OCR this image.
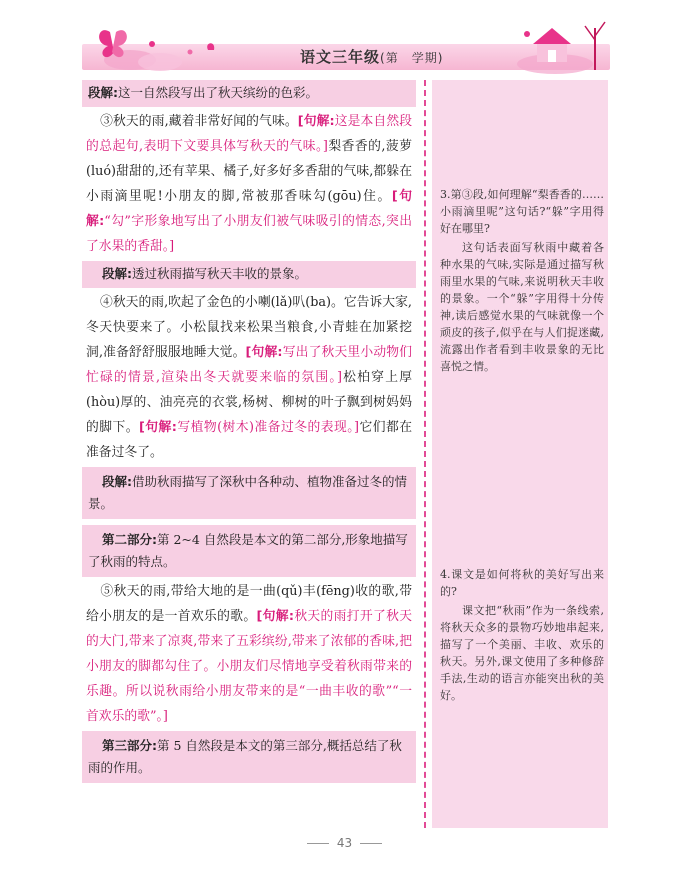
语文三年级(第　学期)
段解:这一自然段写出了秋天缤纷的色彩。
③秋天的雨,藏着非常好闻的气味。[句解:这是本自然段的总起句,表明下文要具体写秋天的气味。]梨香香的,菠萝(luó)甜甜的,还有苹果、橘子,好多好多香甜的气味,都躲在小雨滴里呢!小朋友的脚,常被那香味勾(gōu)住。[句解:“勾”字形象地写出了小朋友们被气味吸引的情态,突出了水果的香甜。]
段解:透过秋雨描写秋天丰收的景象。
④秋天的雨,吹起了金色的小喇(lǎ)叭(ba)。它告诉大家,冬天快要来了。小松鼠找来松果当粮食,小青蛙在加紧挖洞,准备舒舒服服地睡大觉。[句解:写出了秋天里小动物们忙碌的情景,渲染出冬天就要来临的氛围。]松柏穿上厚(hòu)厚的、油亮亮的衣裳,杨树、柳树的叶子飘到树妈妈的脚下。[句解:写植物(树木)准备过冬的表现。]它们都在准备过冬了。
段解:借助秋雨描写了深秋中各种动、植物准备过冬的情景。
第二部分:第 2~4 自然段是本文的第二部分,形象地描写了秋雨的特点。
⑤秋天的雨,带给大地的是一曲(qǔ)丰(fēng)收的歌,带给小朋友的是一首欢乐的歌。[句解:秋天的雨打开了秋天的大门,带来了凉爽,带来了五彩缤纷,带来了浓郁的香味,把小朋友的脚都勾住了。小朋友们尽情地享受着秋雨带来的乐趣。所以说秋雨给小朋友带来的是“一曲丰收的歌”“一首欢乐的歌”。]
第三部分:第 5 自然段是本文的第三部分,概括总结了秋雨的作用。
3.第③段,如何理解“梨香香的……小雨滴里呢”这句话?“躲”字用得好在哪里?
这句话表面写秋雨中藏着各种水果的气味,实际是通过描写秋雨里水果的气味,来说明秋天丰收的景象。一个“躲”字用得十分传神,读后感觉水果的气味就像一个顽皮的孩子,似乎在与人们捉迷藏,流露出作者看到丰收景象的无比喜悦之情。
4.课文是如何将秋的美好写出来的?
课文把“秋雨”作为一条线索,将秋天众多的景物巧妙地串起来,描写了一个美丽、丰收、欢乐的秋天。另外,课文使用了多种修辞手法,生动的语言亦能突出秋的美好。
43
